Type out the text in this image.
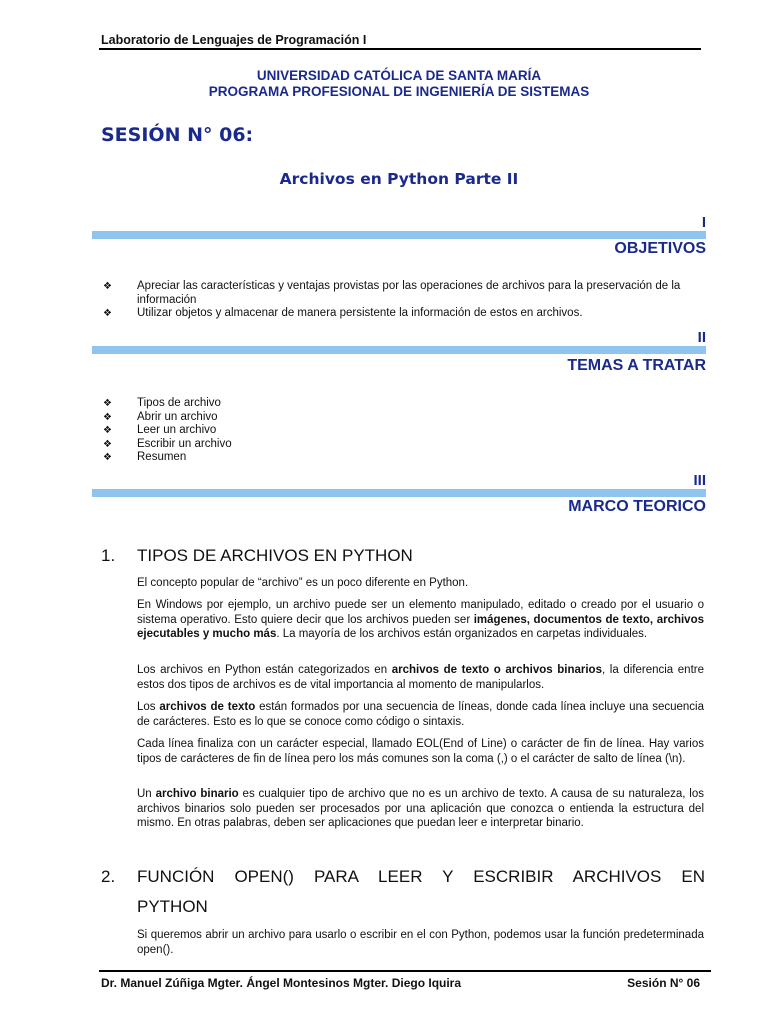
Laboratorio de Lenguajes de Programación I
UNIVERSIDAD CATÓLICA DE SANTA MARÍA
PROGRAMA PROFESIONAL DE INGENIERÍA DE SISTEMAS
SESIÓN N° 06:
Archivos en Python Parte II
I
OBJETIVOS
❖ Apreciar las características y ventajas provistas por las operaciones de archivos para la preservación de la información
❖ Utilizar objetos y almacenar de manera persistente la información de estos en archivos.
II
TEMAS A TRATAR
❖ Tipos de archivo
❖ Abrir un archivo
❖ Leer un archivo
❖ Escribir un archivo
❖ Resumen
III
MARCO TEORICO
1. TIPOS DE ARCHIVOS EN PYTHON
El concepto popular de “archivo” es un poco diferente en Python.
En Windows por ejemplo, un archivo puede ser un elemento manipulado, editado o creado por el usuario o sistema operativo. Esto quiere decir que los archivos pueden ser imágenes, documentos de texto, archivos ejecutables y mucho más. La mayoría de los archivos están organizados en carpetas individuales.
Los archivos en Python están categorizados en archivos de texto o archivos binarios, la diferencia entre estos dos tipos de archivos es de vital importancia al momento de manipularlos.
Los archivos de texto están formados por una secuencia de líneas, donde cada línea incluye una secuencia de carácteres. Esto es lo que se conoce como código o sintaxis.
Cada línea finaliza con un carácter especial, llamado EOL(End of Line) o carácter de fin de línea. Hay varios tipos de carácteres de fin de línea pero los más comunes son la coma (,) o el carácter de salto de línea (\n).
Un archivo binario es cualquier tipo de archivo que no es un archivo de texto. A causa de su naturaleza, los archivos binarios solo pueden ser procesados por una aplicación que conozca o entienda la estructura del mismo. En otras palabras, deben ser aplicaciones que puedan leer e interpretar binario.
2.	FUNCIÓN OPEN() PARA LEER Y ESCRIBIR ARCHIVOS EN
PYTHON
Si queremos abrir un archivo para usarlo o escribir en el con Python, podemos usar la función predeterminada open().
Dr. Manuel Zúñiga Mgter. Ángel Montesinos Mgter. Diego Iquira	Sesión N° 06
